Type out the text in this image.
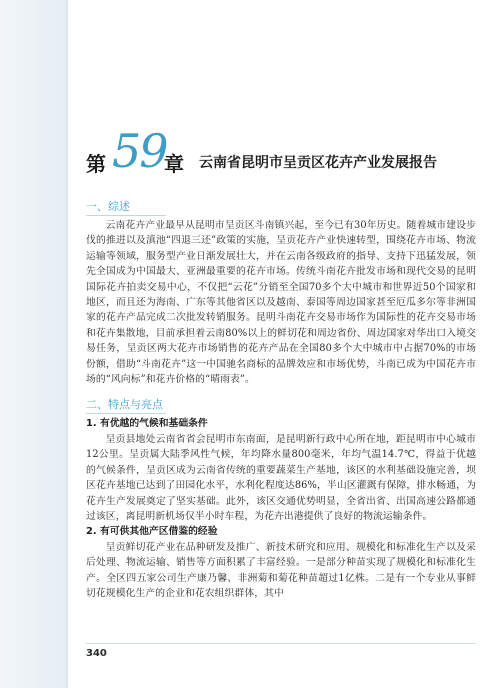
第 59
章 云南省昆明市呈贡区花卉产业发展报告
一、综述

云南花卉产业最早从昆明市呈贡区斗南镇兴起，至今已有30年历史。随着城市建设步伐的推进以及滇池“四退三还”政策的实施，呈贡花卉产业快速转型，围绕花卉市场、物流运输等领域，服务型产业日渐发展壮大，并在云南各级政府的指导、支持下迅猛发展，领先全国成为中国最大、亚洲最重要的花卉市场。传统斗南花卉批发市场和现代交易的昆明国际花卉拍卖交易中心，不仅把“云花”分销至全国70多个大中城市和世界近50个国家和地区，而且还为海南、广东等其他省区以及越南、泰国等周边国家甚至厄瓜多尔等非洲国家的花卉产品完成二次批发转销服务。昆明斗南花卉交易市场作为国际性的花卉交易市场和花卉集散地，目前承担着云南80%以上的鲜切花和周边省份、周边国家对华出口入境交易任务，呈贡区两大花卉市场销售的花卉产品在全国80多个大中城市中占据70%的市场份额，借助“斗南花卉”这一中国驰名商标的品牌效应和市场优势，斗南已成为中国花卉市场的“风向标”和花卉价格的“晴雨表”。

二、特点与亮点

1. 有优越的气候和基础条件

呈贡县地处云南省省会昆明市东南面，是昆明新行政中心所在地，距昆明市中心城市12公里。呈贡属大陆季风性气候，年均降水量800毫米，年均气温14.7℃，得益于优越的气候条件，呈贡区成为云南省传统的重要蔬菜生产基地，该区的水利基础设施完善，坝区花卉基地已达到了田园化水平，水利化程度达86%，半山区灌溉有保障，排水畅通，为花卉生产发展奠定了坚实基础。此外，该区交通优势明显，全省出省、出国高速公路都通过该区，离昆明新机场仅半小时车程，为花卉出港提供了良好的物流运输条件。

2. 有可供其他产区借鉴的经验

呈贡鲜切花产业在品种研发及推广、新技术研究和应用、规模化和标准化生产以及采后处理、物流运输、销售等方面积累了丰富经验。一是部分种苗实现了规模化和标准化生产。全区四五家公司生产康乃馨、非洲菊和菊花种苗超过1亿株。二是有一个专业从事鲜切花规模化生产的企业和花农组织群体，其中

340
